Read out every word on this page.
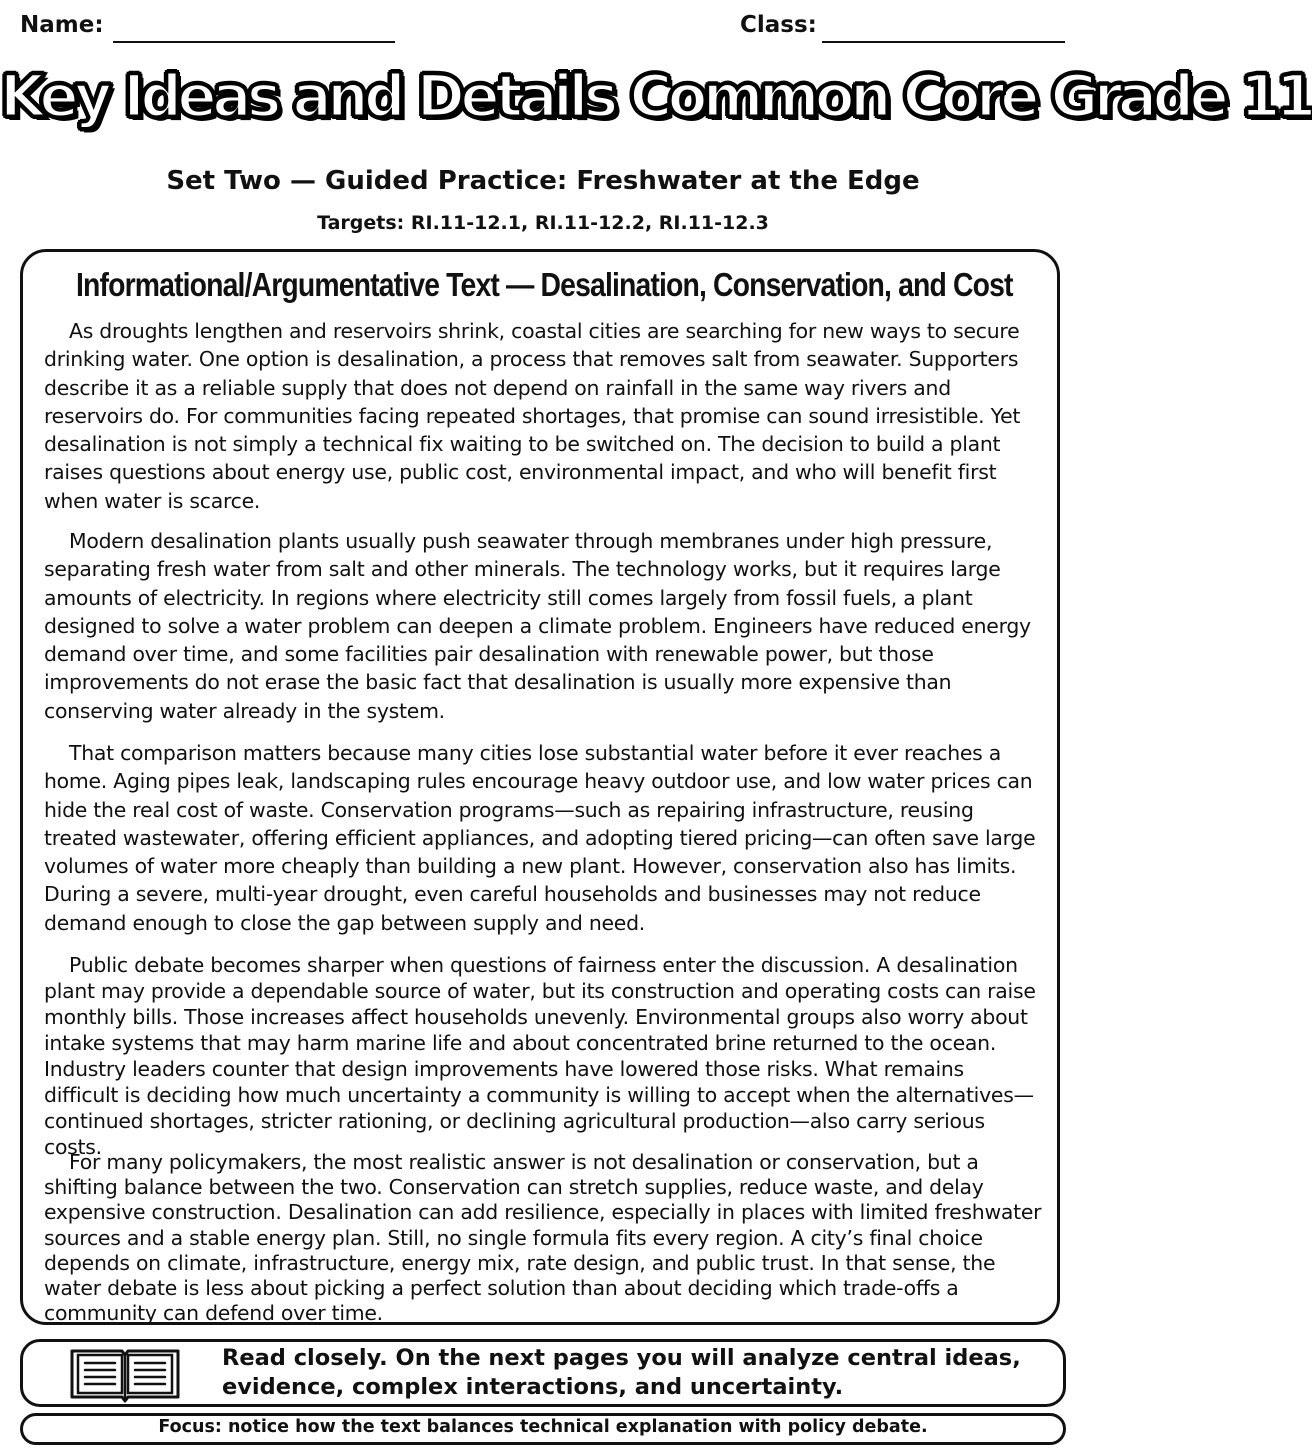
Name:	Class:
Key Ideas and Details Common Core Grade 11
Set Two — Guided Practice: Freshwater at the Edge
Targets: RI.11-12.1, RI.11-12.2, RI.11-12.3
Informational/Argumentative Text — Desalination, Conservation, and Cost

As droughts lengthen and reservoirs shrink, coastal cities are searching for new ways to secure drinking water. One option is desalination, a process that removes salt from seawater. Supporters describe it as a reliable supply that does not depend on rainfall in the same way rivers and reservoirs do. For communities facing repeated shortages, that promise can sound irresistible. Yet desalination is not simply a technical fix waiting to be switched on. The decision to build a plant raises questions about energy use, public cost, environmental impact, and who will benefit first when water is scarce.

Modern desalination plants usually push seawater through membranes under high pressure, separating fresh water from salt and other minerals. The technology works, but it requires large amounts of electricity. In regions where electricity still comes largely from fossil fuels, a plant designed to solve a water problem can deepen a climate problem. Engineers have reduced energy demand over time, and some facilities pair desalination with renewable power, but those improvements do not erase the basic fact that desalination is usually more expensive than conserving water already in the system.

That comparison matters because many cities lose substantial water before it ever reaches a home. Aging pipes leak, landscaping rules encourage heavy outdoor use, and low water prices can hide the real cost of waste. Conservation programs—such as repairing infrastructure, reusing treated wastewater, offering efficient appliances, and adopting tiered pricing—can often save large volumes of water more cheaply than building a new plant. However, conservation also has limits. During a severe, multi-year drought, even careful households and businesses may not reduce demand enough to close the gap between supply and need.

Public debate becomes sharper when questions of fairness enter the discussion. A desalination plant may provide a dependable source of water, but its construction and operating costs can raise monthly bills. Those increases affect households unevenly. Environmental groups also worry about intake systems that may harm marine life and about concentrated brine returned to the ocean. Industry leaders counter that design improvements have lowered those risks. What remains difficult is deciding how much uncertainty a community is willing to accept when the alternatives—continued shortages, stricter rationing, or declining agricultural production—also carry serious costs.

For many policymakers, the most realistic answer is not desalination or conservation, but a shifting balance between the two. Conservation can stretch supplies, reduce waste, and delay expensive construction. Desalination can add resilience, especially in places with limited freshwater sources and a stable energy plan. Still, no single formula fits every region. A city’s final choice depends on climate, infrastructure, energy mix, rate design, and public trust. In that sense, the water debate is less about picking a perfect solution than about deciding which trade-offs a community can defend over time.

Read closely. On the next pages you will analyze central ideas, evidence, complex interactions, and uncertainty.
Focus: notice how the text balances technical explanation with policy debate.
